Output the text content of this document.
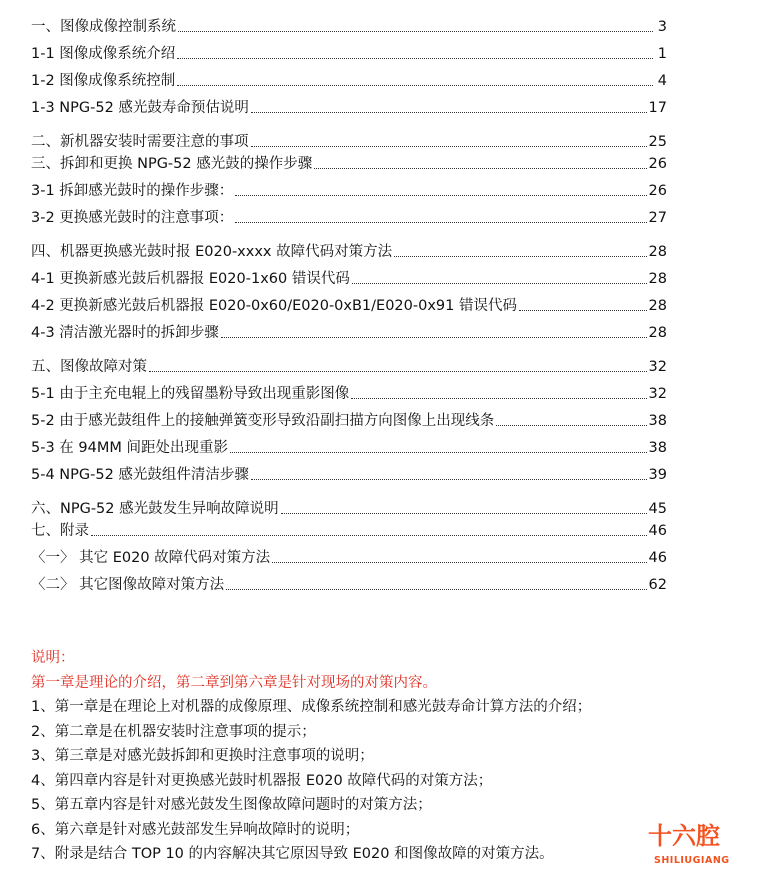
一、图像成像控制系统	3
1-1 图像成像系统介绍	1
1-2 图像成像系统控制	4
1-3 NPG-52 感光鼓寿命预估说明	17
二、新机器安装时需要注意的事项	25
三、拆卸和更换 NPG-52 感光鼓的操作步骤	26
3-1 拆卸感光鼓时的操作步骤：	26
3-2 更换感光鼓时的注意事项：	27
四、机器更换感光鼓时报 E020-xxxx 故障代码对策方法	28
4-1 更换新感光鼓后机器报 E020-1x60 错误代码	28
4-2 更换新感光鼓后机器报 E020-0x60/E020-0xB1/E020-0x91 错误代码	28
4-3 清洁激光器时的拆卸步骤	28
五、图像故障对策	32
5-1 由于主充电辊上的残留墨粉导致出现重影图像	32
5-2 由于感光鼓组件上的接触弹簧变形导致沿副扫描方向图像上出现线条	38
5-3 在 94MM 间距处出现重影	38
5-4 NPG-52 感光鼓组件清洁步骤	39
六、NPG-52 感光鼓发生异响故障说明	45
七、附录	46
〈一〉 其它 E020 故障代码对策方法	46
〈二〉 其它图像故障对策方法	62
说明：
第一章是理论的介绍，第二章到第六章是针对现场的对策内容。
1、第一章是在理论上对机器的成像原理、成像系统控制和感光鼓寿命计算方法的介绍；
2、第二章是在机器安装时注意事项的提示；
3、第三章是对感光鼓拆卸和更换时注意事项的说明；
4、第四章内容是针对更换感光鼓时机器报 E020 故障代码的对策方法；
5、第五章内容是针对感光鼓发生图像故障问题时的对策方法；
6、第六章是针对感光鼓部发生异响故障时的说明；
7、附录是结合 TOP 10 的内容解决其它原因导致 E020 和图像故障的对策方法。
十六腔
SHILIUGIANG
